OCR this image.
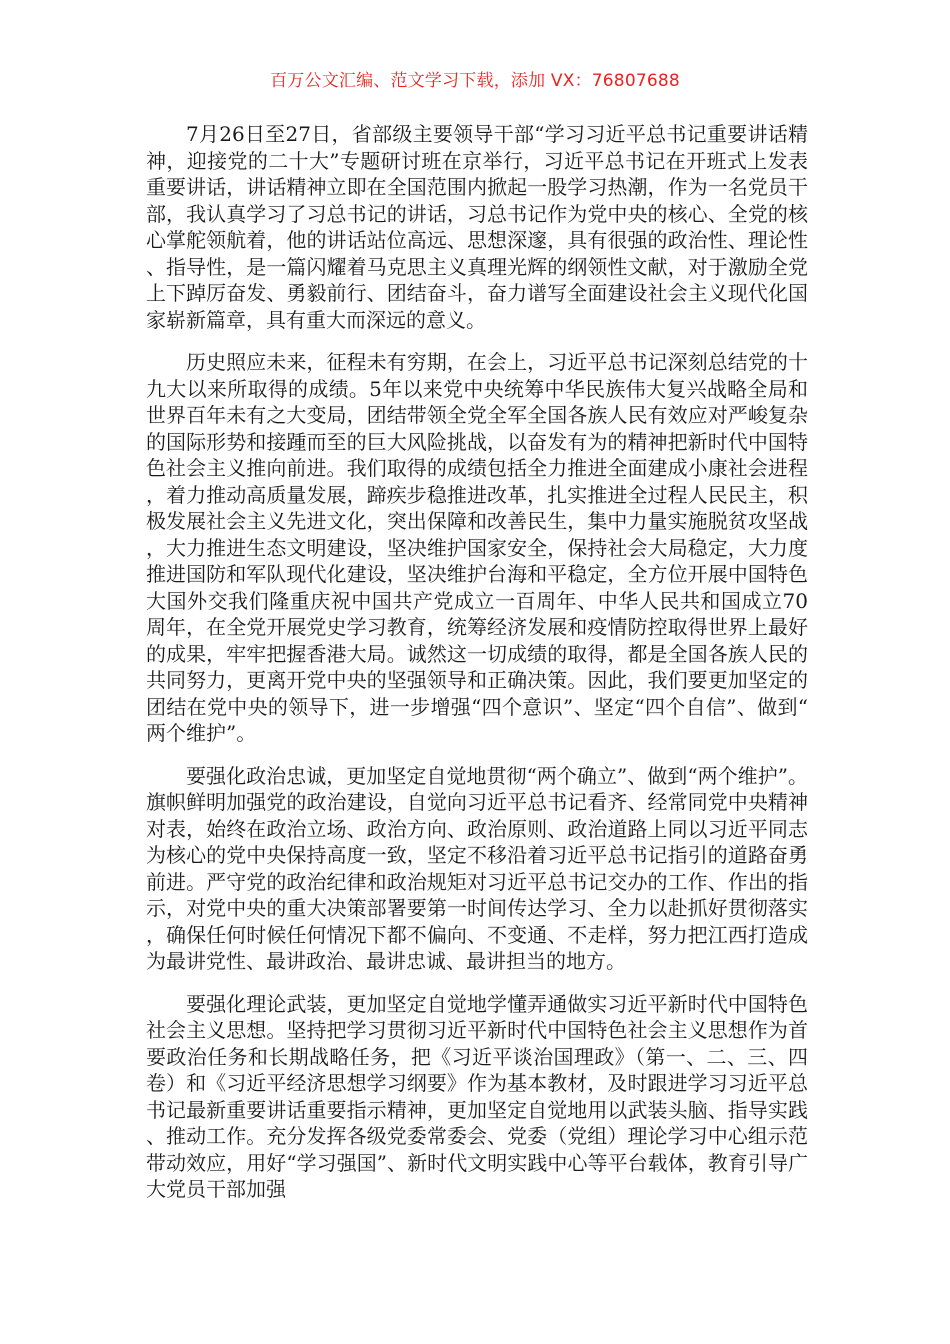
百万公文汇编、范文学习下载，添加 VX：76807688

7月26日至27日，省部级主要领导干部“学习习近平总书记重要讲话精神，迎接党的二十大”专题研讨班在京举行，习近平总书记在开班式上发表重要讲话，讲话精神立即在全国范围内掀起一股学习热潮，作为一名党员干部，我认真学习了习总书记的讲话，习总书记作为党中央的核心、全党的核心掌舵领航着，他的讲话站位高远、思想深邃，具有很强的政治性、理论性、指导性，是一篇闪耀着马克思主义真理光辉的纲领性文献，对于激励全党上下踔厉奋发、勇毅前行、团结奋斗，奋力谱写全面建设社会主义现代化国家崭新篇章，具有重大而深远的意义。

历史照应未来，征程未有穷期，在会上，习近平总书记深刻总结党的十九大以来所取得的成绩。5年以来党中央统筹中华民族伟大复兴战略全局和世界百年未有之大变局，团结带领全党全军全国各族人民有效应对严峻复杂的国际形势和接踵而至的巨大风险挑战，以奋发有为的精神把新时代中国特色社会主义推向前进。我们取得的成绩包括全力推进全面建成小康社会进程，着力推动高质量发展，蹄疾步稳推进改革，扎实推进全过程人民民主，积极发展社会主义先进文化，突出保障和改善民生，集中力量实施脱贫攻坚战，大力推进生态文明建设，坚决维护国家安全，保持社会大局稳定，大力度推进国防和军队现代化建设，坚决维护台海和平稳定，全方位开展中国特色大国外交我们隆重庆祝中国共产党成立一百周年、中华人民共和国成立70周年，在全党开展党史学习教育，统筹经济发展和疫情防控取得世界上最好的成果，牢牢把握香港大局。诚然这一切成绩的取得，都是全国各族人民的共同努力，更离开党中央的坚强领导和正确决策。因此，我们要更加坚定的团结在党中央的领导下，进一步增强“四个意识”、坚定“四个自信”、做到“两个维护”。

要强化政治忠诚，更加坚定自觉地贯彻“两个确立”、做到“两个维护”。旗帜鲜明加强党的政治建设，自觉向习近平总书记看齐、经常同党中央精神对表，始终在政治立场、政治方向、政治原则、政治道路上同以习近平同志为核心的党中央保持高度一致，坚定不移沿着习近平总书记指引的道路奋勇前进。严守党的政治纪律和政治规矩对习近平总书记交办的工作、作出的指示，对党中央的重大决策部署要第一时间传达学习、全力以赴抓好贯彻落实，确保任何时候任何情况下都不偏向、不变通、不走样，努力把江西打造成为最讲党性、最讲政治、最讲忠诚、最讲担当的地方。

要强化理论武装，更加坚定自觉地学懂弄通做实习近平新时代中国特色社会主义思想。坚持把学习贯彻习近平新时代中国特色社会主义思想作为首要政治任务和长期战略任务，把《习近平谈治国理政》（第一、二、三、四卷）和《习近平经济思想学习纲要》作为基本教材，及时跟进学习习近平总书记最新重要讲话重要指示精神，更加坚定自觉地用以武装头脑、指导实践、推动工作。充分发挥各级党委常委会、党委（党组）理论学习中心组示范带动效应，用好“学习强国”、新时代文明实践中心等平台载体，教育引导广大党员干部加强
